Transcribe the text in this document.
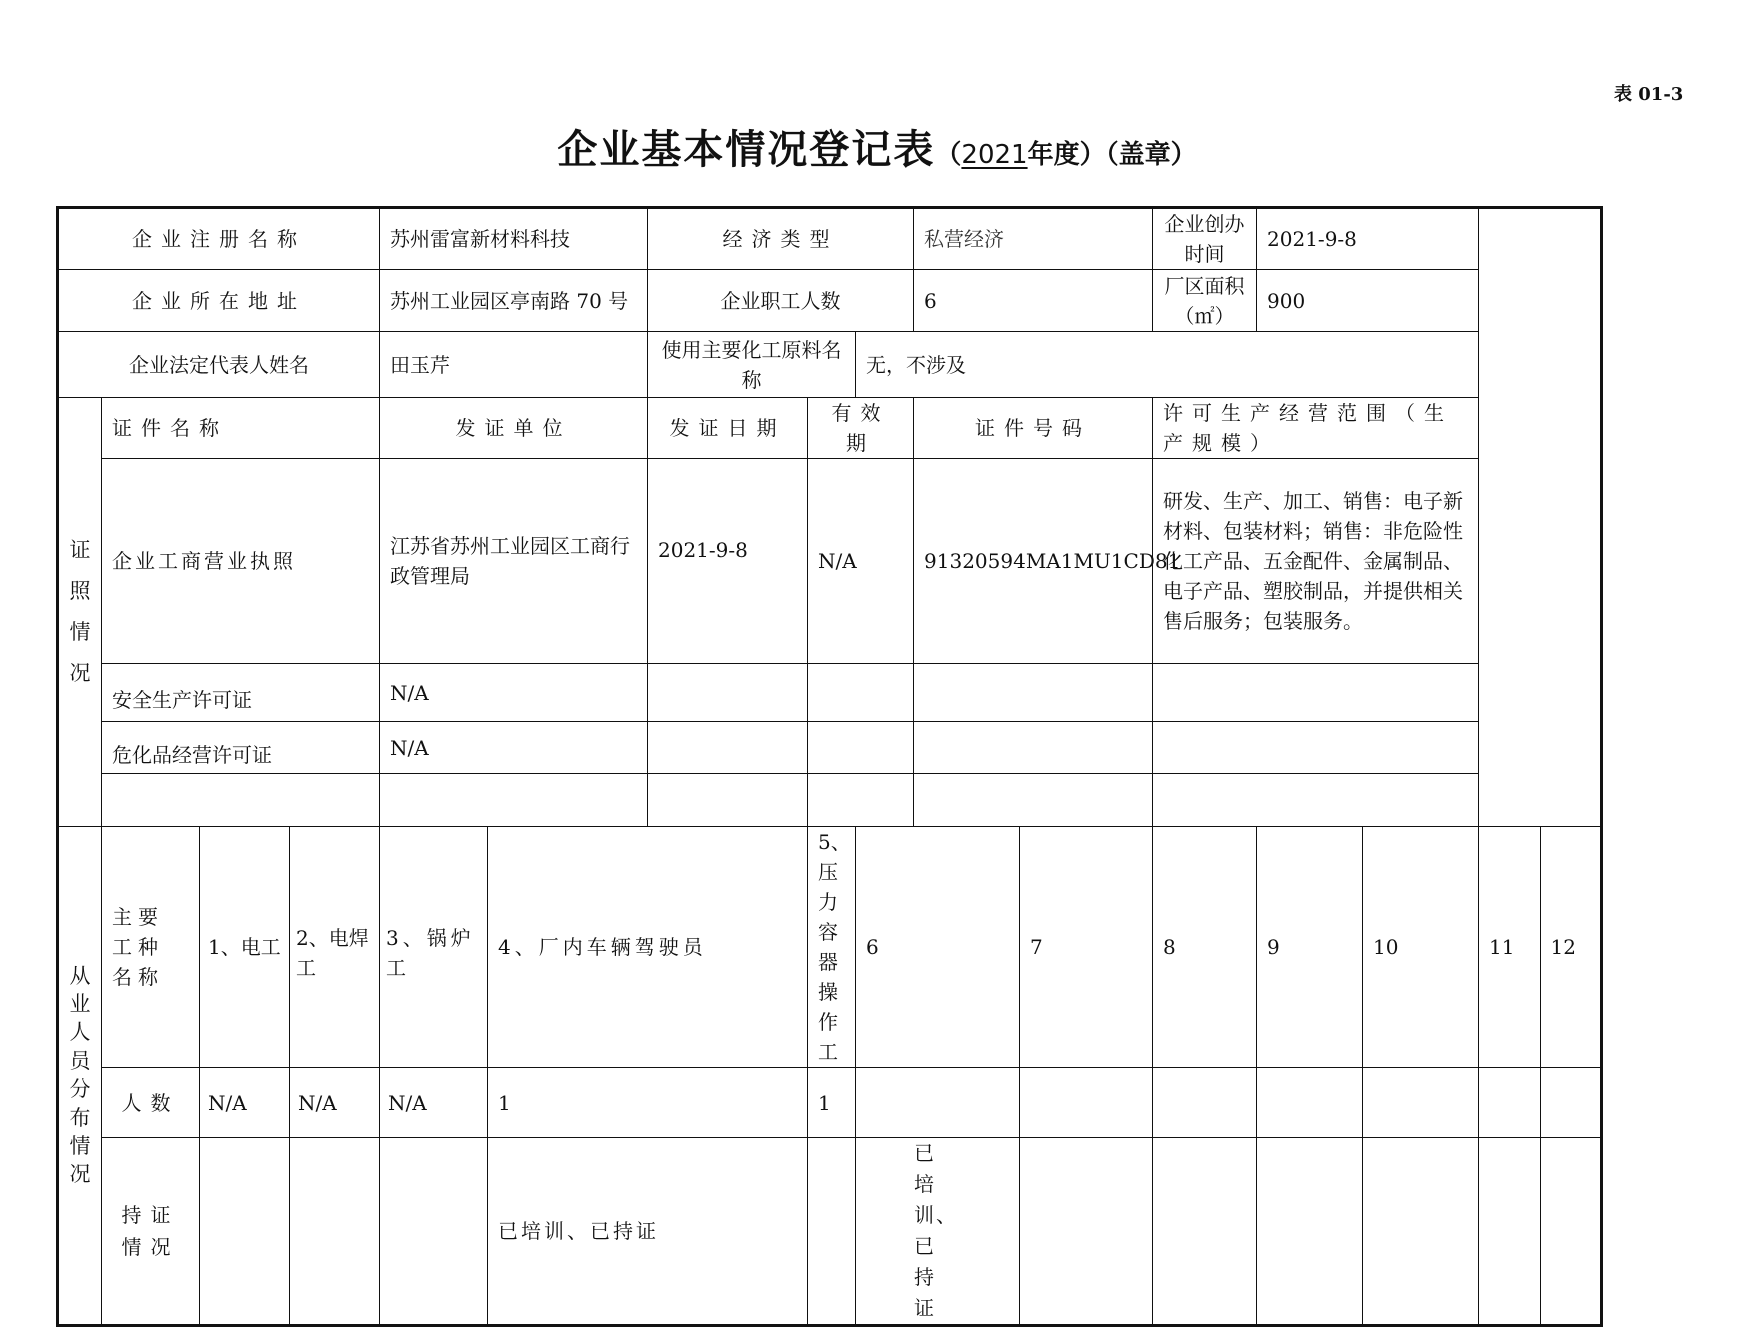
表 01-3
企业基本情况登记表（2021年度）（盖章）
企业注册名称				苏州雷富新材料科技		经济类型			私营经济		企业创办时间	2021-9-8			
企业所在地址				苏州工业园区亭南路 70 号		企业职工人数			6		厂区面积（㎡）	900			
企业法定代表人姓名				田玉芹		使用主要化工原料名称		无，不涉及							
证照情况	证件名称			发证单位		发证日期	有效期		证件号码		许可生产经营范围（生产规模）				
	企业工商营业执照			江苏省苏州工业园区工商行政管理局		2021-9-8	N/A		91320594MA1MU1CD81		研发、生产、加工、销售：电子新材料、包装材料；销售：非危险性化工产品、五金配件、金属制品、电子产品、塑胶制品，并提供相关售后服务；包装服务。				
	安全生产许可证			N/A											
	危化品经营许可证			N/A											

从业人员分布情况	主要工种名称	1、电工	2、电焊工	3、锅炉工	4、厂内车辆驾驶员		5、压力容器操作工	6		7	8	9	10	11	12
	人数	N/A	N/A	N/A	1		1								
	持证情况				已培训、已持证		已培训、已持证								
